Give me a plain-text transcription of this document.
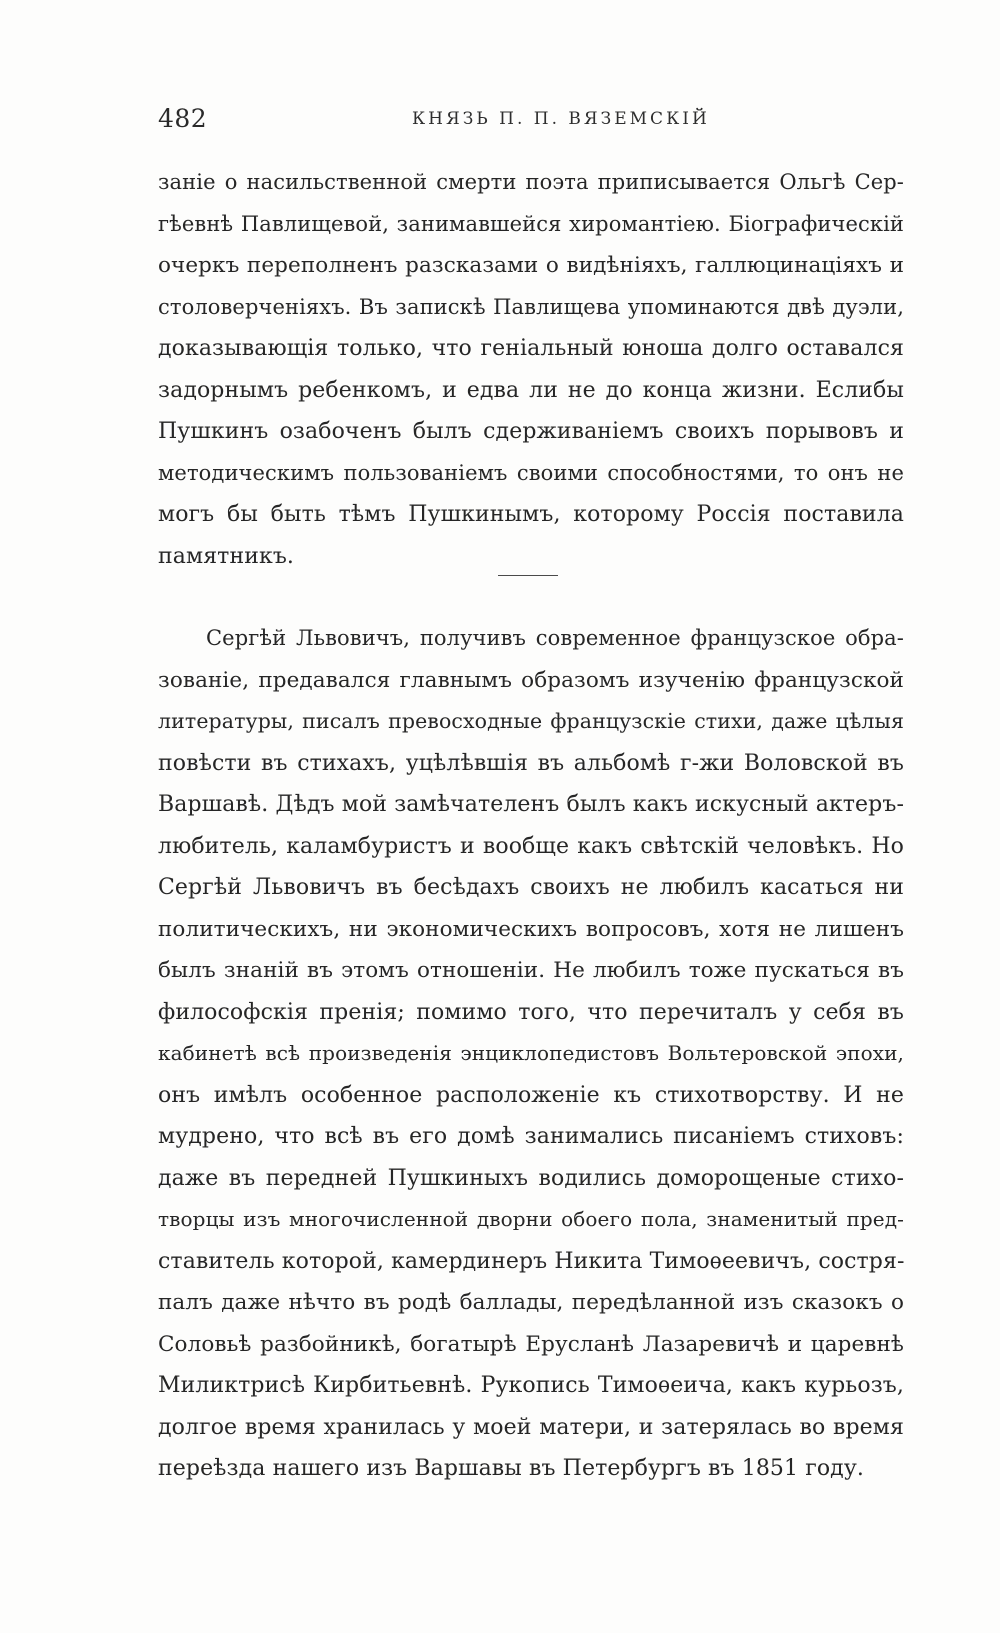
482	КНЯЗЬ П. П. ВЯЗЕМСКІЙ
заніе о насильственной смерти поэта приписывается Ольгѣ Сер-
гѣевнѣ Павлищевой, занимавшейся хиромантіею. Біографическій
очеркъ переполненъ разсказами о видѣніяхъ, галлюцинаціяхъ и
столоверченіяхъ. Въ запискѣ Павлищева упоминаются двѣ дуэли,
доказывающія только, что геніальный юноша долго оставался
задорнымъ ребенкомъ, и едва ли не до конца жизни. Еслибы
Пушкинъ озабоченъ былъ сдерживаніемъ своихъ порывовъ и
методическимъ пользованіемъ своими способностями, то онъ не
могъ бы быть тѣмъ Пушкинымъ, которому Россія поставила
памятникъ.
Сергѣй Львовичъ, получивъ современное французское обра-
зованіе, предавался главнымъ образомъ изученію французской
литературы, писалъ превосходные французскіе стихи, даже цѣлыя
повѣсти въ стихахъ, уцѣлѣвшія въ альбомѣ г-жи Воловской въ
Варшавѣ. Дѣдъ мой замѣчателенъ былъ какъ искусный актеръ-
любитель, каламбуристъ и вообще какъ свѣтскій человѣкъ. Но
Сергѣй Львовичъ въ бесѣдахъ своихъ не любилъ касаться ни
политическихъ, ни экономическихъ вопросовъ, хотя не лишенъ
былъ знаній въ этомъ отношеніи. Не любилъ тоже пускаться въ
философскія пренія; помимо того, что перечиталъ у себя въ
кабинетѣ всѣ произведенія энциклопедистовъ Вольтеровской эпохи,
онъ имѣлъ особенное расположеніе къ стихотворству. И не
мудрено, что всѣ въ его домѣ занимались писаніемъ стиховъ:
даже въ передней Пушкиныхъ водились доморощеные стихо-
творцы изъ многочисленной дворни обоего пола, знаменитый пред-
ставитель которой, камердинеръ Никита Тимоѳеевичъ, состря-
палъ даже нѣчто въ родѣ баллады, передѣланной изъ сказокъ о
Соловьѣ разбойникѣ, богатырѣ Еруcланѣ Лазаревичѣ и царевнѣ
Миликтрисѣ Кирбитьевнѣ. Рукопись Тимоѳеича, какъ курьозъ,
долгое время хранилась у моей матери, и затерялась во время
переѣзда нашего изъ Варшавы въ Петербургъ въ 1851 году.
